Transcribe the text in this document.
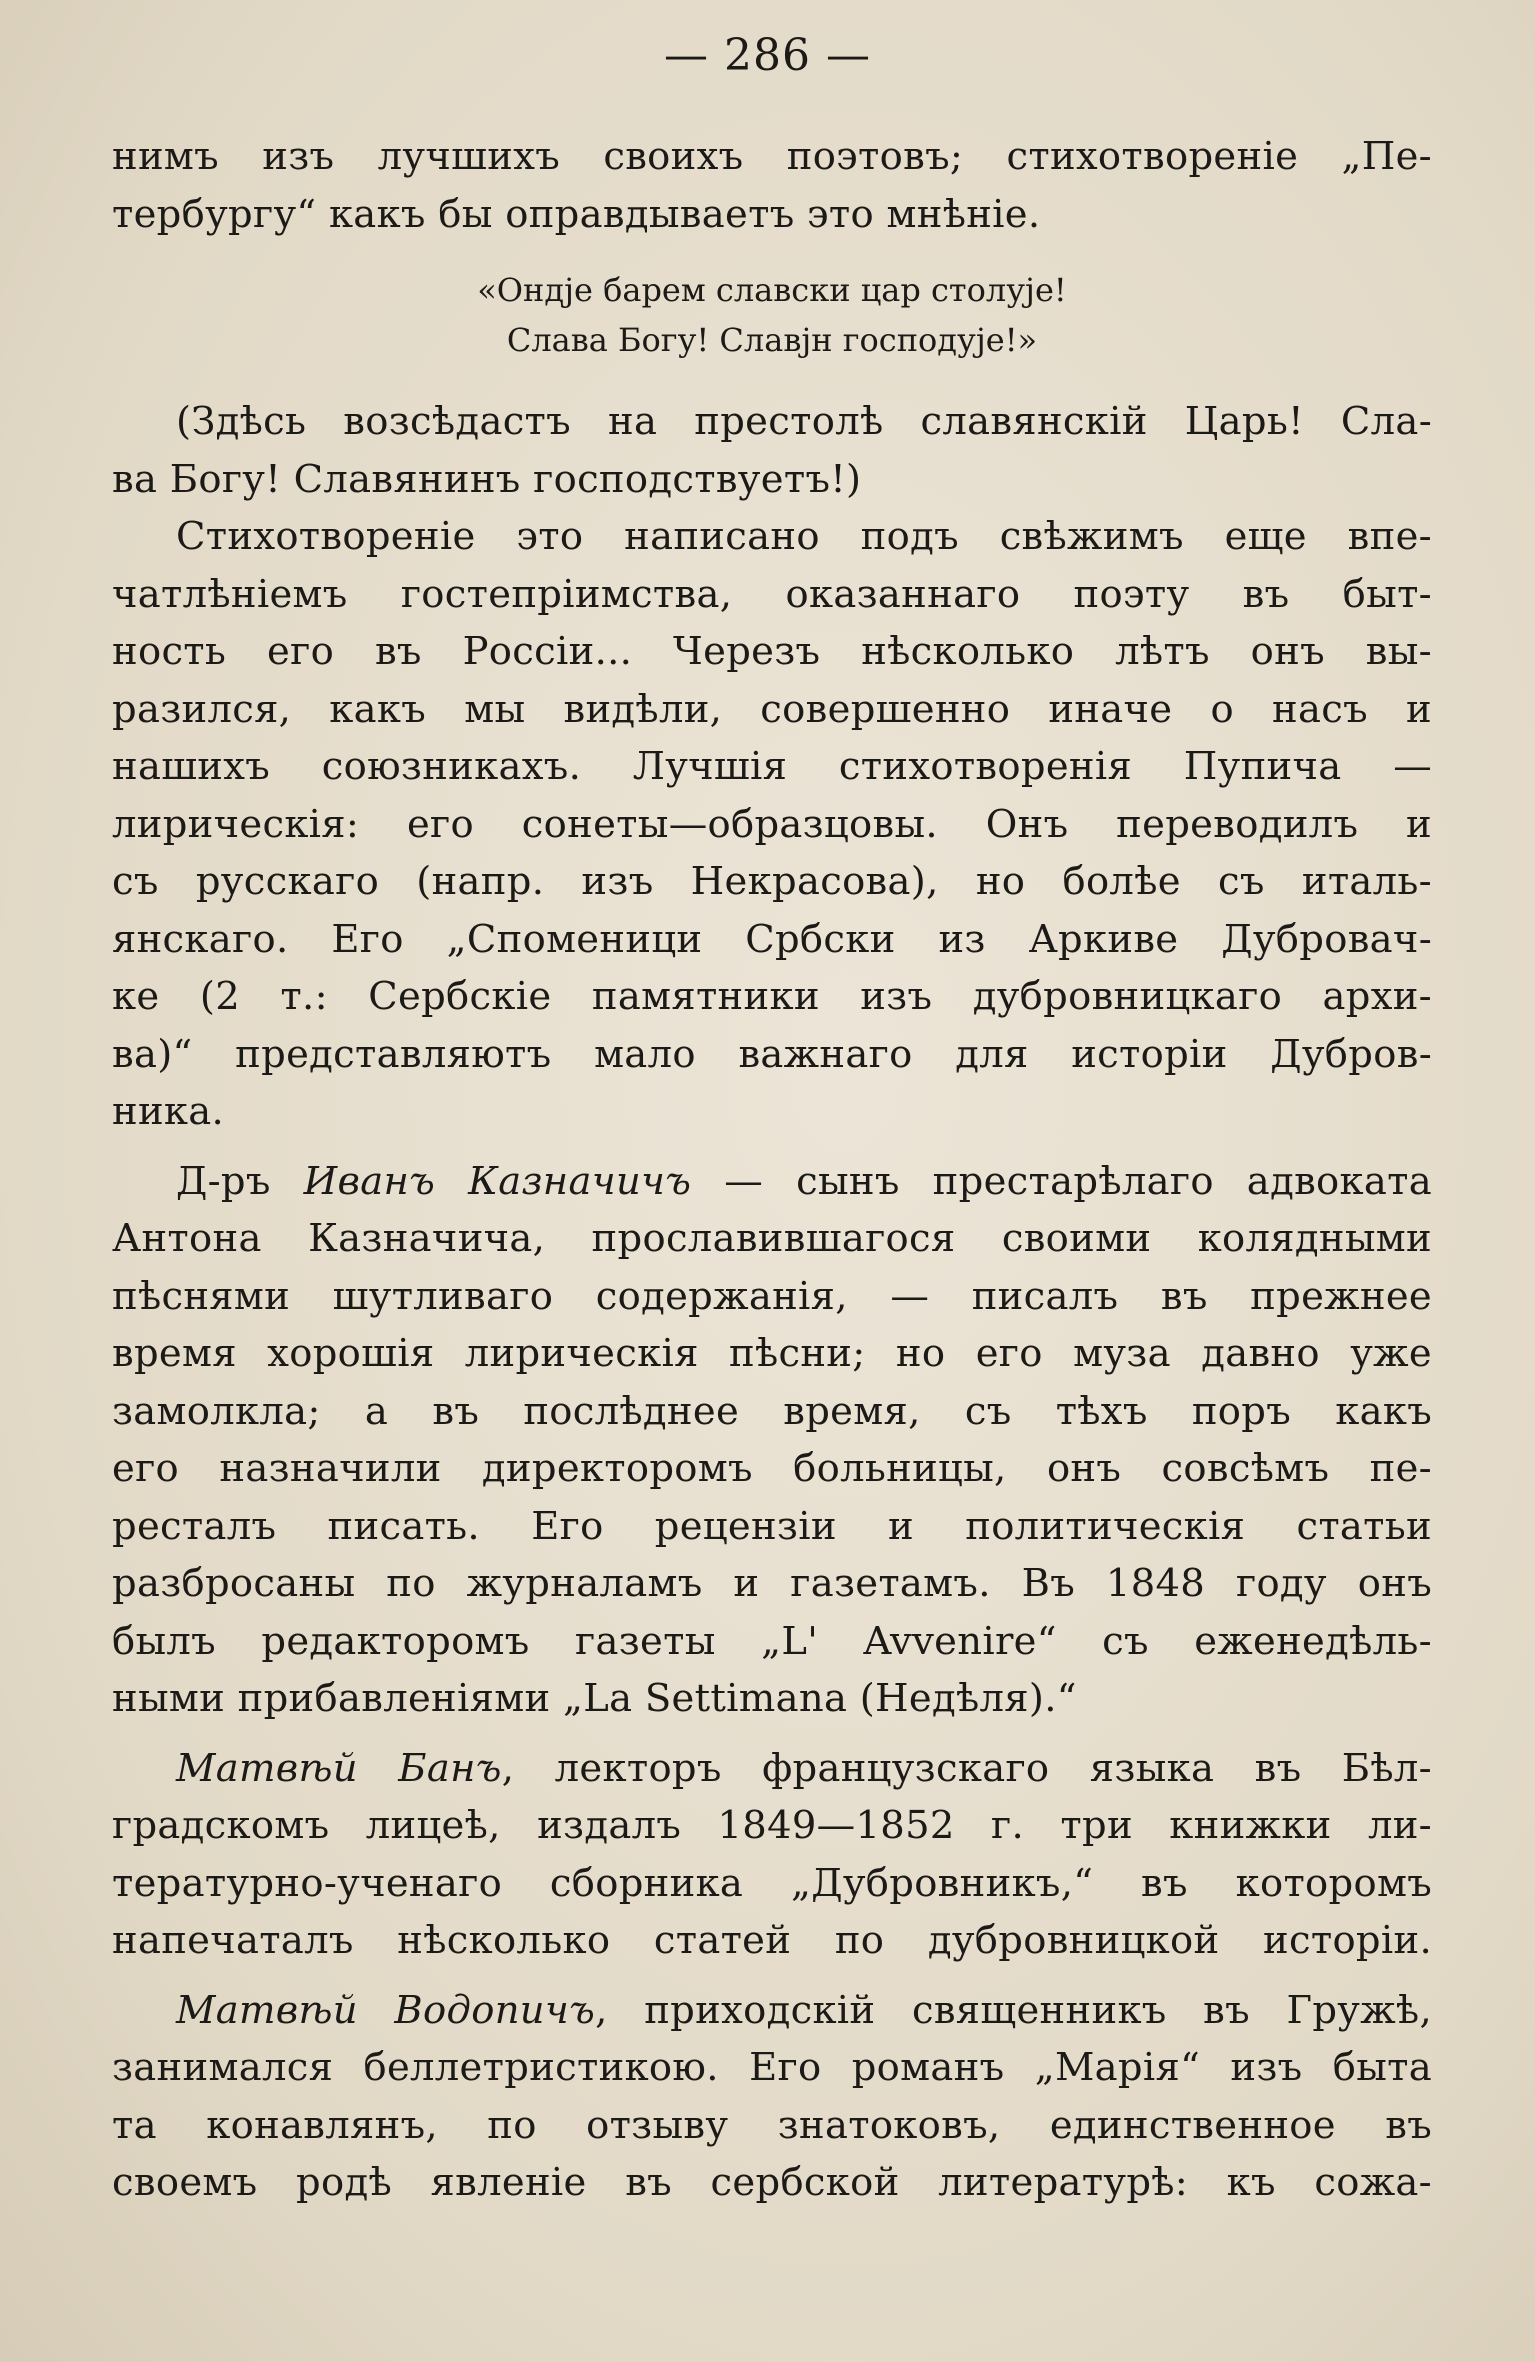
— 286 —
нимъ изъ лучшихъ своихъ поэтовъ; стихотвореніе „Пе-
тербургу“ какъ бы оправдываетъ это мнѣніе.
«Ондје барем славски цар столује!
Слава Богу! Славјн господује!»
(Здѣсь возсѣдастъ на престолѣ славянскій Царь! Сла-
ва Богу! Славянинъ господствуетъ!)
Стихотвореніе это написано подъ свѣжимъ еще впе-
чатлѣніемъ гостепріимства, оказаннаго поэту въ быт-
ность его въ Россіи... Черезъ нѣсколько лѣтъ онъ вы-
разился, какъ мы видѣли, совершенно иначе о насъ и
нашихъ союзникахъ. Лучшія стихотворенія Пупича —
лирическія: его сонеты—образцовы. Онъ переводилъ и
съ русскаго (напр. изъ Некрасова), но болѣе съ италь-
янскаго. Его „Споменици Србски из Аркиве Дубровач-
ке (2 т.: Сербскіе памятники изъ дубровницкаго архи-
ва)“ представляютъ мало важнаго для исторіи Дубров-
ника.
Д-ръ Иванъ Казначичъ — сынъ престарѣлаго адвоката
Антона Казначича, прославившагося своими колядными
пѣснями шутливаго содержанія, — писалъ въ прежнее
время хорошія лирическія пѣсни; но его муза давно уже
замолкла; а въ послѣднее время, съ тѣхъ поръ какъ
его назначили директоромъ больницы, онъ совсѣмъ пе-
ресталъ писать. Его рецензіи и политическія статьи
разбросаны по журналамъ и газетамъ. Въ 1848 году онъ
былъ редакторомъ газеты „L' Avvenire“ съ еженедѣль-
ными прибавленіями „La Settimana (Недѣля).“
Матвѣй Банъ, лекторъ французскаго языка въ Бѣл-
градскомъ лицеѣ, издалъ 1849—1852 г. три книжки ли-
тературно-ученаго сборника „Дубровникъ,“ въ которомъ
напечаталъ нѣсколько статей по дубровницкой исторіи.
Матвѣй Водопичъ, приходскій священникъ въ Гружѣ,
занимался беллетристикою. Его романъ „Марія“ изъ быта
та конавлянъ, по отзыву знатоковъ, единственное въ
своемъ родѣ явленіе въ сербской литературѣ: къ сожа-
